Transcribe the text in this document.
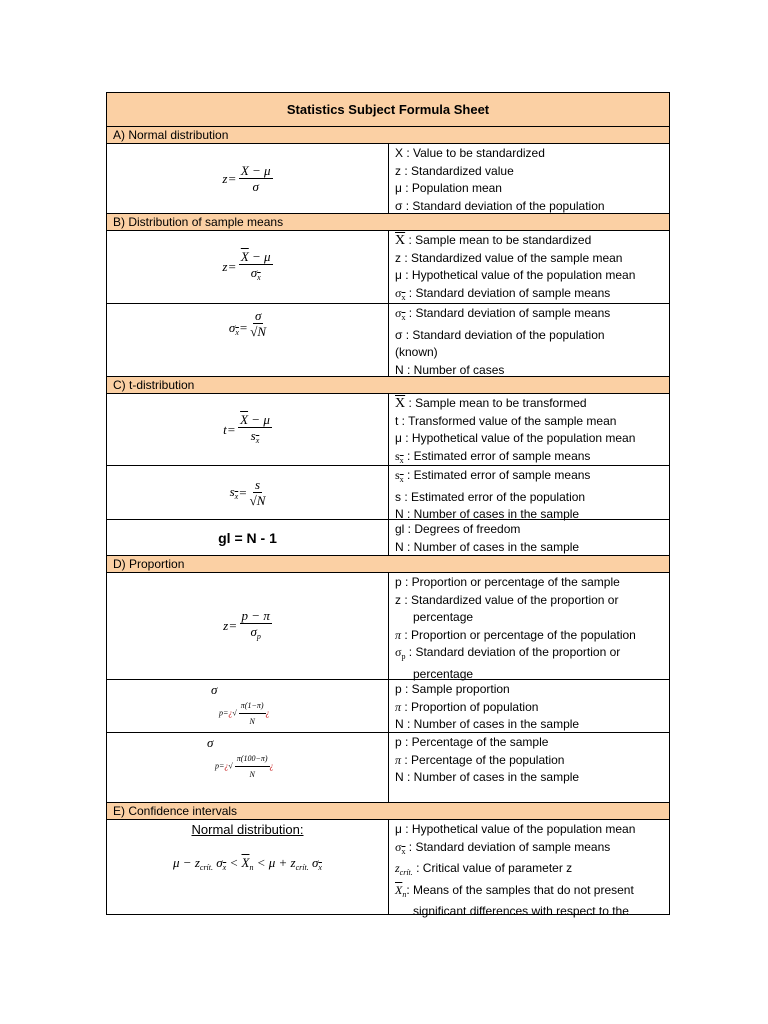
Statistics Subject Formula Sheet
A) Normal distribution
$z = \frac{X - \mu}{\sigma}$
X : Value to be standardized
z : Standardized value
μ : Population mean
σ : Standard deviation of the population
B) Distribution of sample means
$z = \frac{\overline{X} - \mu}{\sigma_{\overline{x}}}$
$\overline{X}$ : Sample mean to be standardized
z : Standardized value of the sample mean
μ : Hypothetical value of the population mean
$\sigma_{\overline{x}}$ : Standard deviation of sample means
$\sigma_{\overline{x}} = \frac{\sigma}{√N}$	$\sigma_{\overline{x}}$ : Standard deviation of sample means
σ : Standard deviation of the population
(known)
N : Number of cases
C) t-distribution
$t = \frac{\overline{X} - \mu}{s_{\overline{x}}}$
$\overline{X}$ : Sample mean to be transformed
t : Transformed value of the sample mean
μ : Hypothetical value of the population mean
$s_{\overline{x}}$ : Estimated error of sample means
$s_{\overline{x}} = \frac{s}{√N}$
$s_{\overline{x}}$ : Estimated error of sample means
s : Estimated error of the population
N : Number of cases in the sample
gl = N - 1
gl : Degrees of freedom
N : Number of cases in the sample
D) Proportion
$z = \frac{p - \pi}{\sigma_p}$
p : Proportion or percentage of the sample
z : Standardized value of the proportion or
percentage
π : Proportion or percentage of the population
$\sigma_p$ : Standard deviation of the proportion or
percentage
σ
p=¿√ $\frac{\pi(1-\pi)}{N}$ ¿
p : Sample proportion
π : Proportion of population
N : Number of cases in the sample
σ
p=¿√ $\frac{\pi(100-\pi)}{N}$ ¿
p : Percentage of the sample
π : Percentage of the population
N : Number of cases in the sample
E) Confidence intervals
Normal distribution:
$\mu - z_{crít.}$ $\sigma_{\overline{x}} < \overline{X}_n < \mu + z_{crít.}$ $\sigma_{\overline{x}}$
μ : Hypothetical value of the population mean
$\sigma_{\overline{x}}$ : Standard deviation of sample means
$z_{crít.}$ : Critical value of parameter z
$\overline{X}_n$: Means of the samples that do not present
significant differences with respect to the
